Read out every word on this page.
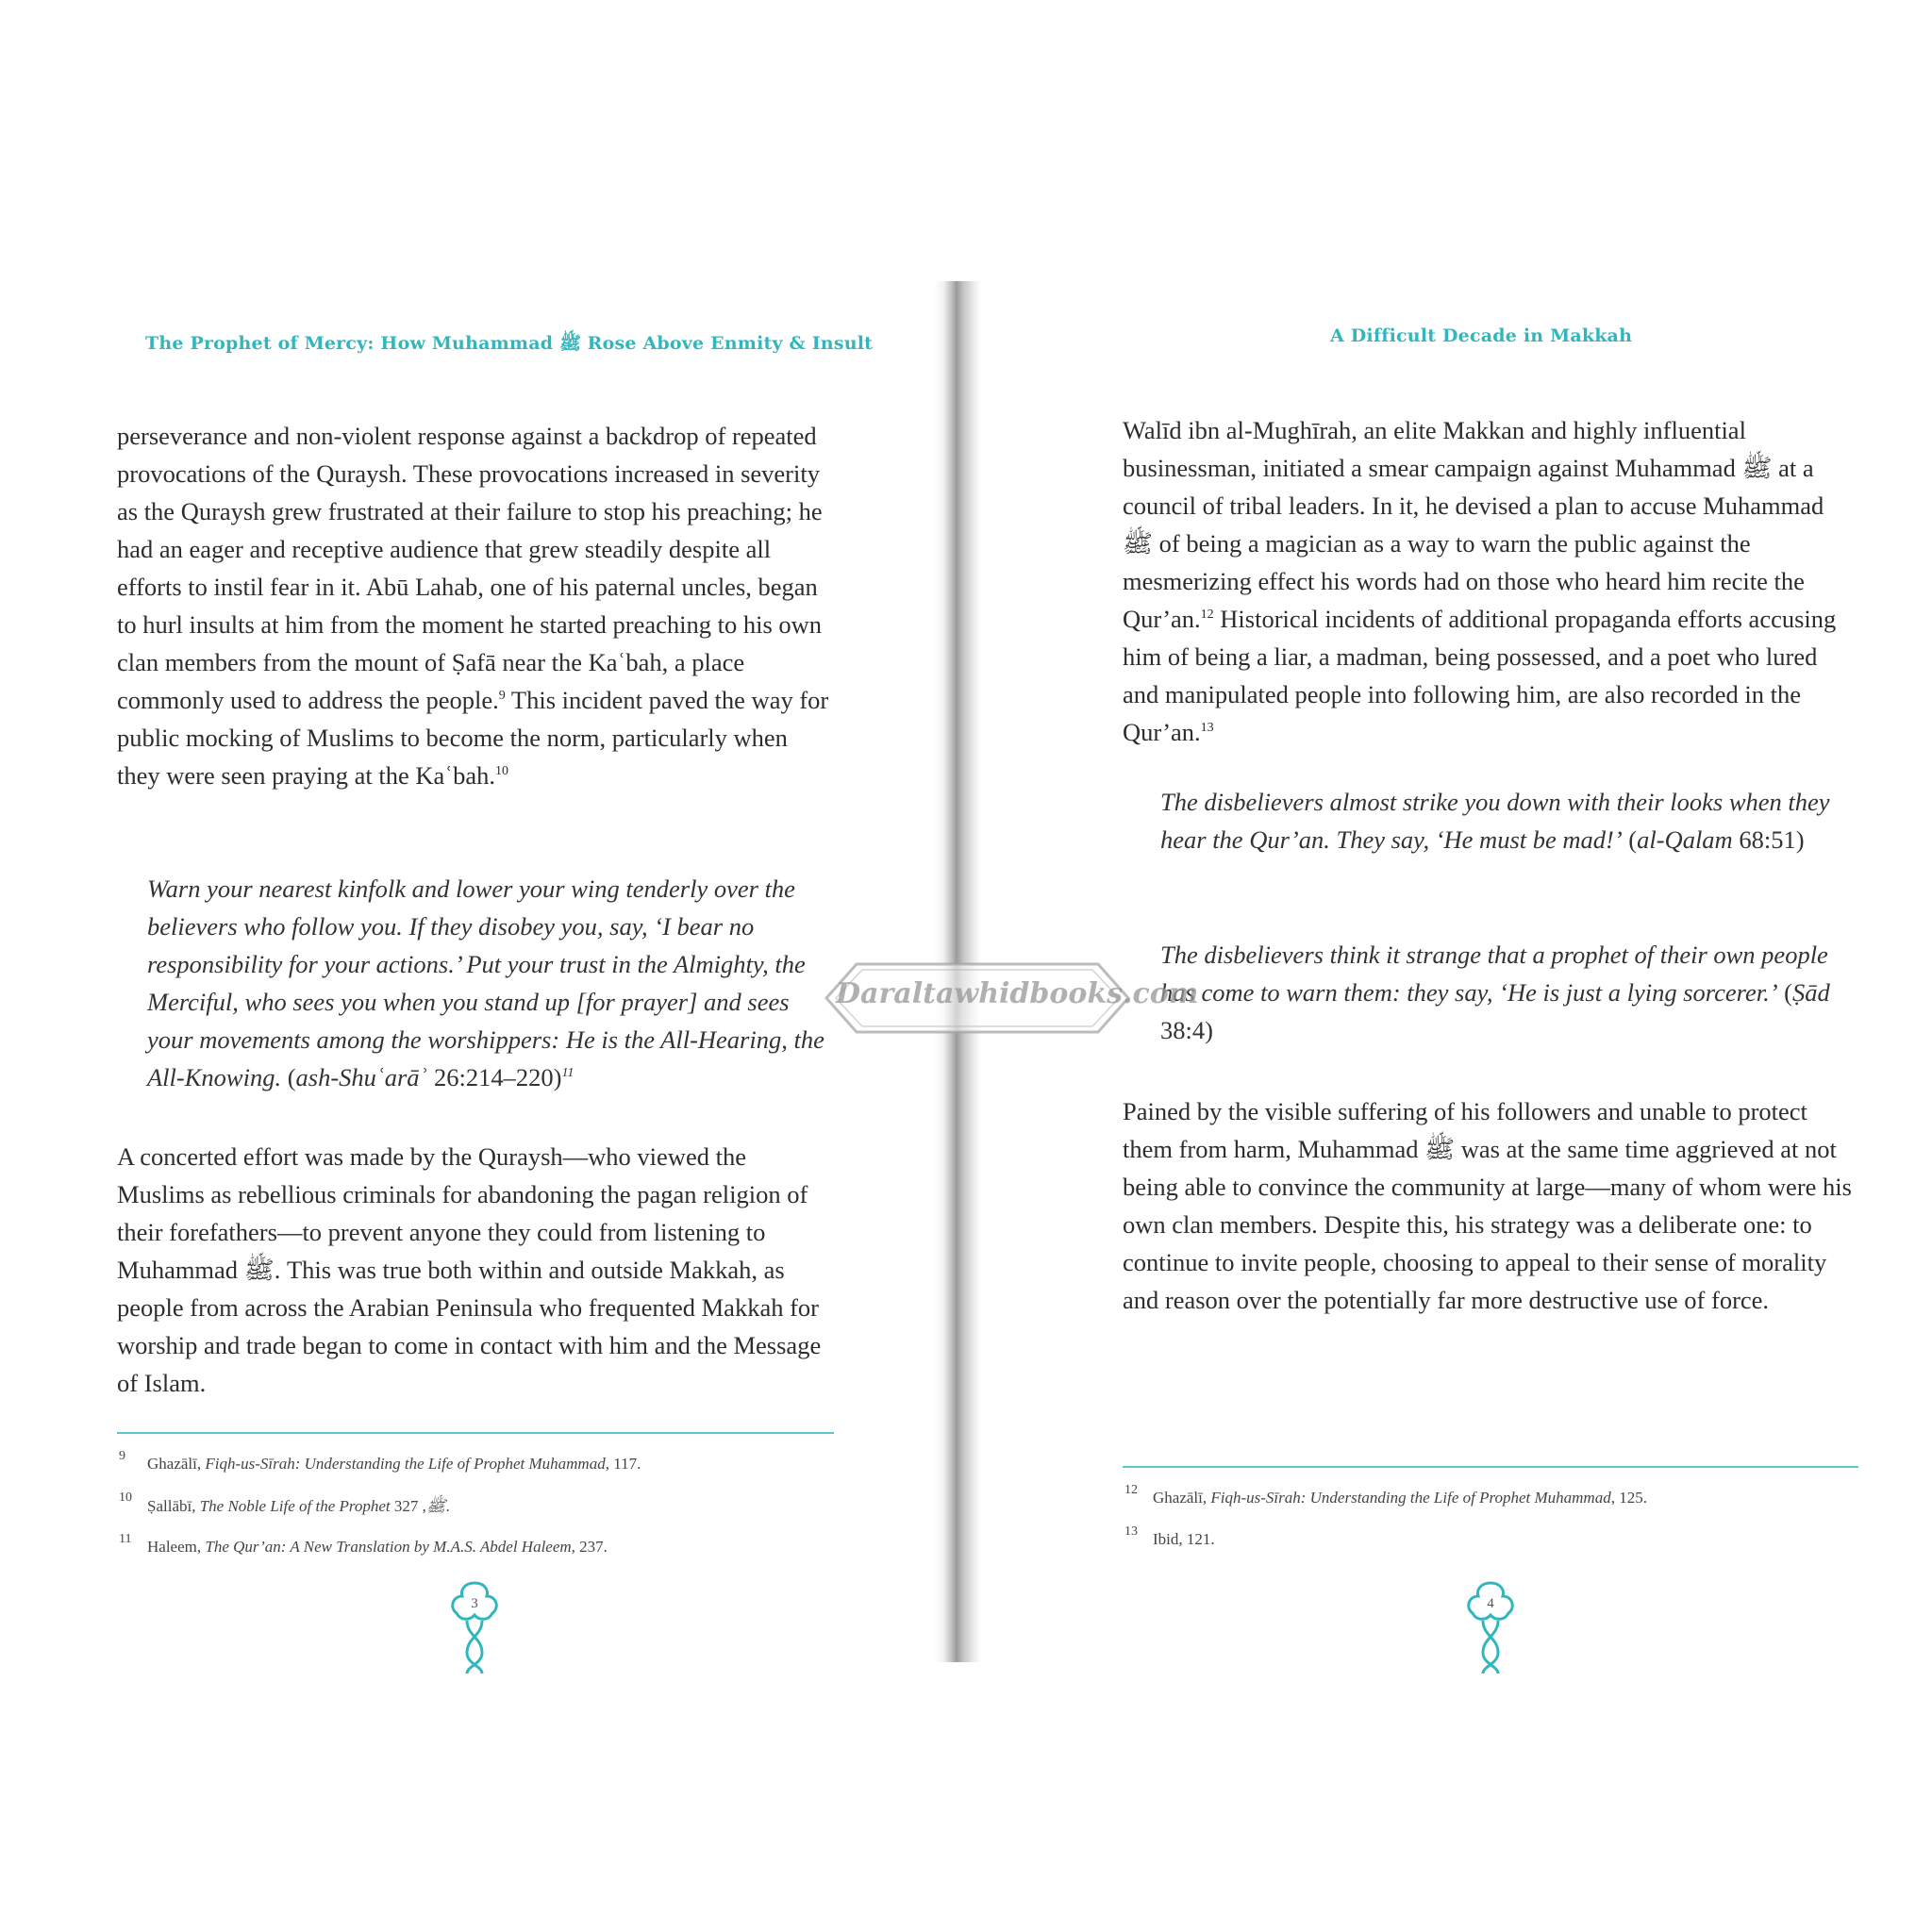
The Prophet of Mercy: How Muhammad ﷺ Rose Above Enmity & Insult

perseverance and non-violent response against a backdrop of repeated provocations of the Quraysh. These provocations increased in severity as the Quraysh grew frustrated at their failure to stop his preaching; he had an eager and receptive audience that grew steadily despite all efforts to instil fear in it. Abū Lahab, one of his paternal uncles, began to hurl insults at him from the moment he started preaching to his own clan members from the mount of Ṣafā near the Kaʿbah, a place commonly used to address the people.$^9$ This incident paved the way for public mocking of Muslims to become the norm, particularly when they were seen praying at the Kaʿbah.$^{10}$

Warn your nearest kinfolk and lower your wing tenderly over the believers who follow you. If they disobey you, say, ‘I bear no responsibility for your actions.’ Put your trust in the Almighty, the Merciful, who sees you when you stand up [for prayer] and sees your movements among the worshippers: He is the All-Hearing, the All-Knowing. (ash-Shuʿarāʾ 26:214–220)$^{11}$

A concerted effort was made by the Quraysh—who viewed the Muslims as rebellious criminals for abandoning the pagan religion of their forefathers—to prevent anyone they could from listening to Muhammad ﷺ. This was true both within and outside Makkah, as people from across the Arabian Peninsula who frequented Makkah for worship and trade began to come in contact with him and the Message of Islam.

9 Ghazālī, Fiqh-us-Sīrah: Understanding the Life of Prophet Muhammad, 117.
10 Ṣallābī, The Noble Life of the Prophet ﷺ, 327.
11 Haleem, The Qur’an: A New Translation by M.A.S. Abdel Haleem, 237.
3
A Difficult Decade in Makkah

Walīd ibn al-Mughīrah, an elite Makkan and highly influential businessman, initiated a smear campaign against Muhammad ﷺ at a council of tribal leaders. In it, he devised a plan to accuse Muhammad ﷺ of being a magician as a way to warn the public against the mesmerizing effect his words had on those who heard him recite the Qur’an.$^{12}$ Historical incidents of additional propaganda efforts accusing him of being a liar, a madman, being possessed, and a poet who lured and manipulated people into following him, are also recorded in the Qur’an.$^{13}$

The disbelievers almost strike you down with their looks when they hear the Qur’an. They say, ‘He must be mad!’ (al-Qalam 68:51)

The disbelievers think it strange that a prophet of their own people has come to warn them: they say, ‘He is just a lying sorcerer.’ (Ṣād 38:4)

Pained by the visible suffering of his followers and unable to protect them from harm, Muhammad ﷺ was at the same time aggrieved at not being able to convince the community at large—many of whom were his own clan members. Despite this, his strategy was a deliberate one: to continue to invite people, choosing to appeal to their sense of morality and reason over the potentially far more destructive use of force.

12 Ghazālī, Fiqh-us-Sīrah: Understanding the Life of Prophet Muhammad, 125.
13 Ibid, 121.
4
Daraltawhidbooks.com
